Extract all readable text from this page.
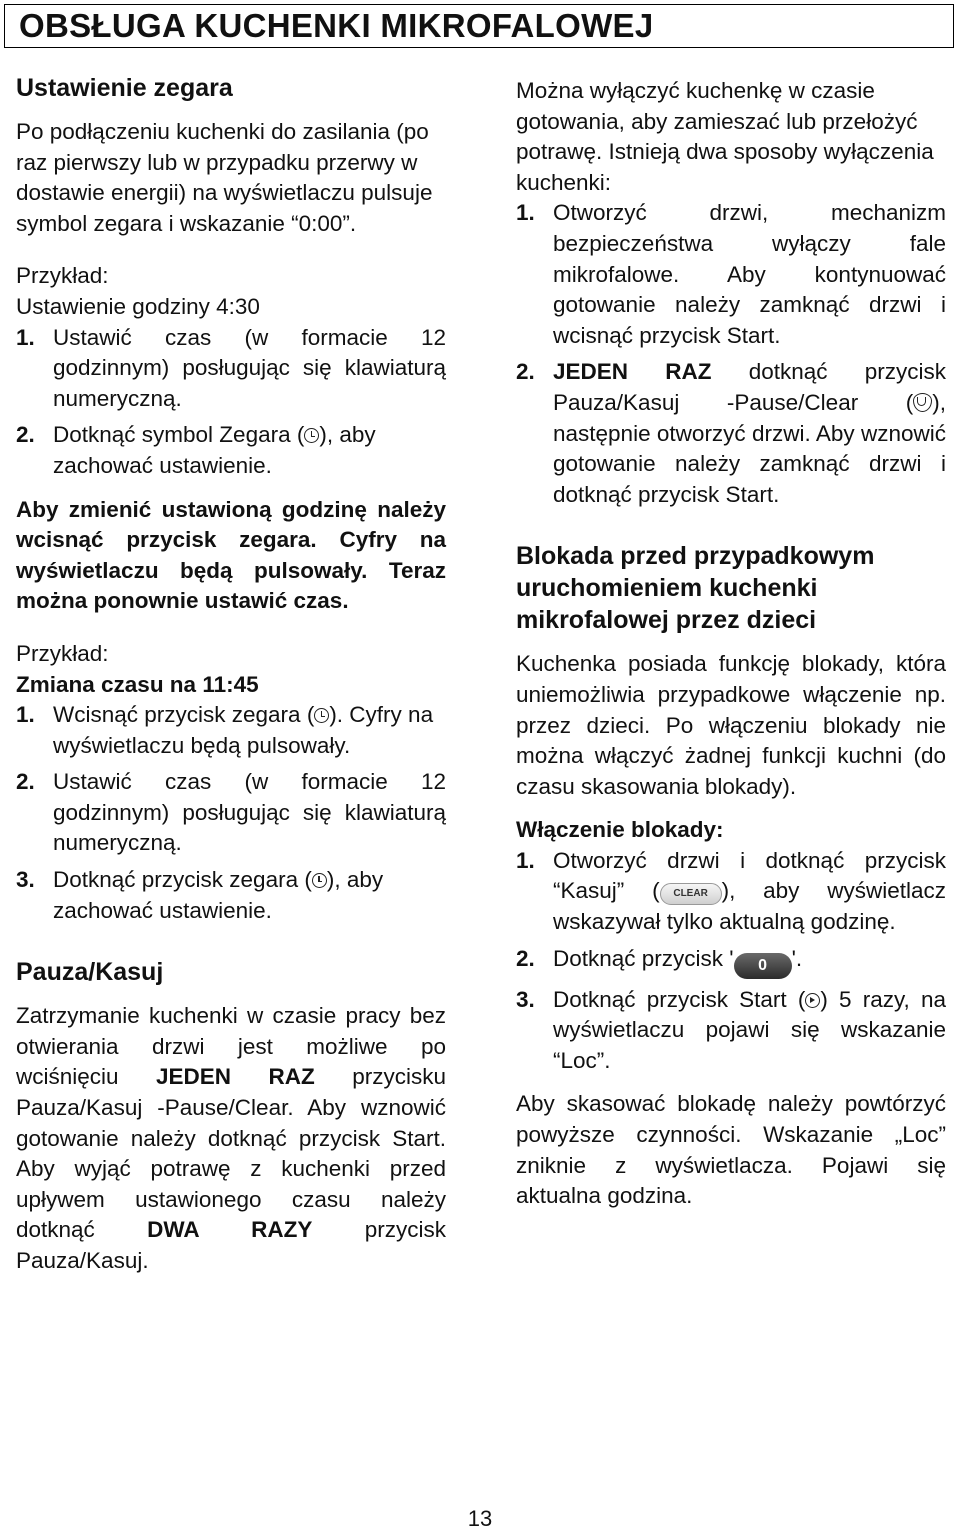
OBSŁUGA KUCHENKI MIKROFALOWEJ

Ustawienie zegara

Po podłączeniu kuchenki do zasilania (po raz pierwszy lub w przypadku przerwy w dostawie energii) na wyświetlaczu pulsuje symbol zegara i wskazanie “0:00”.

Przykład:

Ustawienie godziny 4:30

1. Ustawić czas (w formacie 12 godzinnym) posługując się klawiaturą numeryczną.
2. Dotknąć symbol Zegara ( ), aby zachować ustawienie.

Aby zmienić ustawioną godzinę należy wcisnąć przycisk zegara. Cyfry na wyświetlaczu będą pulsowały. Teraz można ponownie ustawić czas.

Przykład:

Zmiana czasu na 11:45

1. Wcisnąć przycisk zegara ( ). Cyfry na wyświetlaczu będą pulsowały.
2. Ustawić czas (w formacie 12 godzinnym) posługując się klawiaturą numeryczną.
3. Dotknąć przycisk zegara ( ), aby zachować ustawienie.

Pauza/Kasuj

Zatrzymanie kuchenki w czasie pracy bez otwierania drzwi jest możliwe po wciśnięciu JEDEN RAZ przycisku Pauza/Kasuj -Pause/Clear. Aby wznowić gotowanie należy dotknąć przycisk Start. Aby wyjąć potrawę z kuchenki przed upływem ustawionego czasu należy dotknąć DWA RAZY przycisk Pauza/Kasuj.

Można wyłączyć kuchenkę w czasie gotowania, aby zamieszać lub przełożyć potrawę. Istnieją dwa sposoby wyłączenia kuchenki:

1. Otworzyć drzwi, mechanizm bezpieczeństwa wyłączy fale mikrofalowe. Aby kontynuować gotowanie należy zamknąć drzwi i wcisnąć przycisk Start.
2. JEDEN RAZ dotknąć przycisk Pauza/Kasuj -Pause/Clear ( ), następnie otworzyć drzwi. Aby wznowić gotowanie należy zamknąć drzwi i dotknąć przycisk Start.

Blokada przed przypadkowym uruchomieniem kuchenki mikrofalowej przez dzieci

Kuchenka posiada funkcję blokady, która uniemożliwia przypadkowe włączenie np. przez dzieci. Po włączeniu blokady nie można włączyć żadnej funkcji kuchni (do czasu skasowania blokady).

Włączenie blokady:

1. Otworzyć drzwi i dotknąć przycisk “Kasuj” ( CLEAR ), aby wyświetlacz wskazywał tylko aktualną godzinę.
2. Dotknąć przycisk ' 0 '.
3. Dotknąć przycisk Start ( ) 5 razy, na wyświetlaczu pojawi się wskazanie “Loc”.

Aby skasować blokadę należy powtórzyć powyższe czynności. Wskazanie „Loc” zniknie z wyświetlacza. Pojawi się aktualna godzina.

13
